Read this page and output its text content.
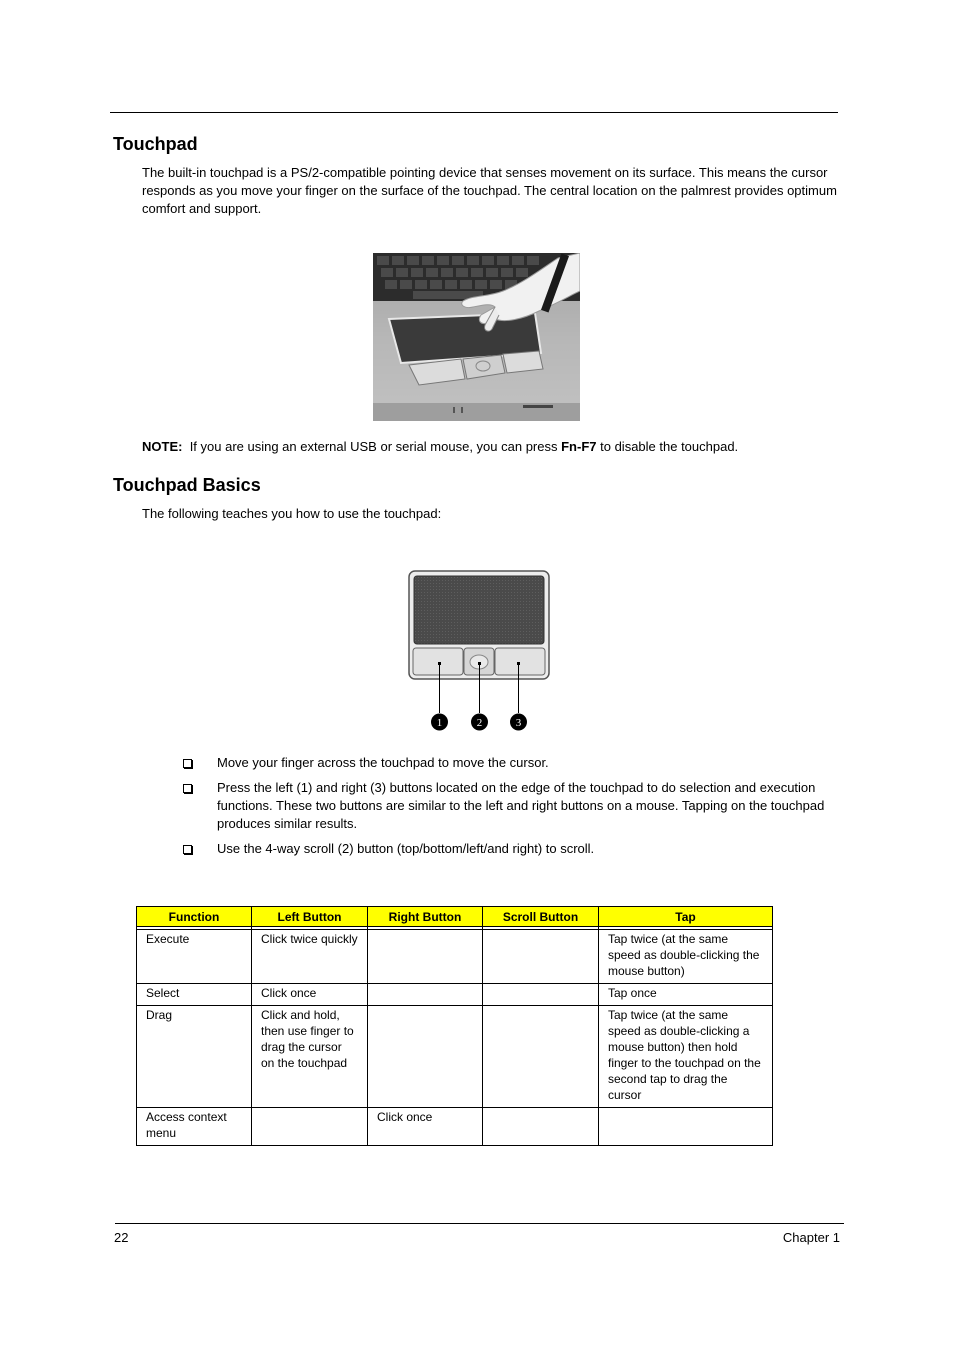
Touchpad

The built-in touchpad is a PS/2-compatible pointing device that senses movement on its surface. This means the cursor responds as you move your finger on the surface of the touchpad. The central location on the palmrest provides optimum comfort and support.

NOTE: If you are using an external USB or serial mouse, you can press Fn-F7 to disable the touchpad.

Touchpad Basics

The following teaches you how to use the touchpad:

1	2	3
Move your finger across the touchpad to move the cursor.
Press the left (1) and right (3) buttons located on the edge of the touchpad to do selection and execution functions. These two buttons are similar to the left and right buttons on a mouse. Tapping on the touchpad produces similar results.
Use the 4-way scroll (2) button (top/bottom/left/and right) to scroll.
Function	Left Button	Right Button	Scroll Button	Tap

Execute	Click twice quickly			Tap twice (at the same speed as double-clicking the mouse button)
Select	Click once			Tap once
Drag	Click and hold, then use finger to drag the cursor on the touchpad			Tap twice (at the same speed as double-clicking a mouse button) then hold finger to the touchpad on the second tap to drag the cursor
Access context menu		Click once		
22	Chapter 1
